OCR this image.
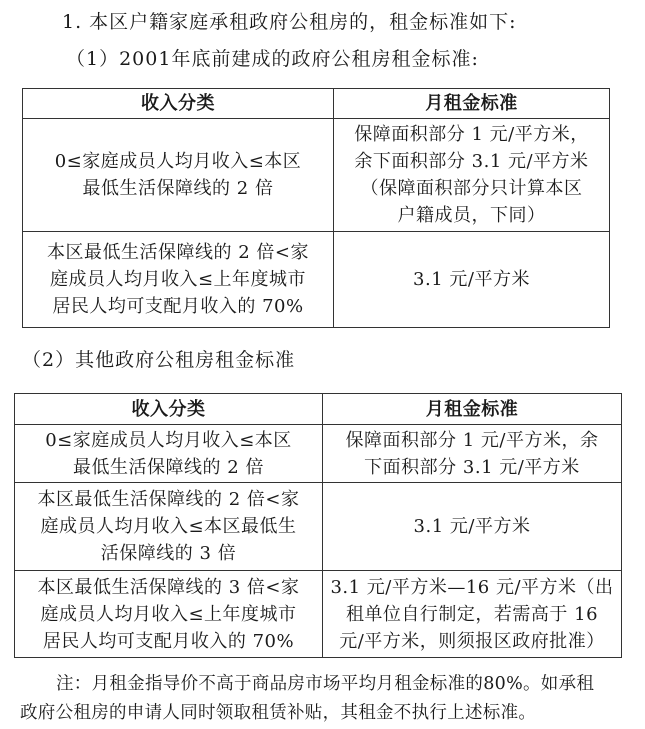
1. 本区户籍家庭承租政府公租房的，租金标准如下:
（1）2001年底前建成的政府公租房租金标准:
收入分类	月租金标准

0≤家庭成员人均月收入≤本区
最低生活保障线的 2 倍	保障面积部分 1 元/平方米，
余下面积部分 3.1 元/平方米
（保障面积部分只计算本区
户籍成员，下同）

本区最低生活保障线的 2 倍<家
庭成员人均月收入≤上年度城市
居民人均可支配月收入的 70%	3.1 元/平方米
（2）其他政府公租房租金标准
收入分类	月租金标准

0≤家庭成员人均月收入≤本区
最低生活保障线的 2 倍	保障面积部分 1 元/平方米，余
下面积部分 3.1 元/平方米

本区最低生活保障线的 2 倍<家
庭成员人均月收入≤本区最低生
活保障线的 3 倍	3.1 元/平方米

本区最低生活保障线的 3 倍<家
庭成员人均月收入≤上年度城市
居民人均可支配月收入的 70%	3.1 元/平方米—16 元/平方米（出
租单位自行制定，若需高于 16
元/平方米，则须报区政府批准）
注：月租金指导价不高于商品房市场平均月租金标准的80%。如承租
政府公租房的申请人同时领取租赁补贴，其租金不执行上述标准。
